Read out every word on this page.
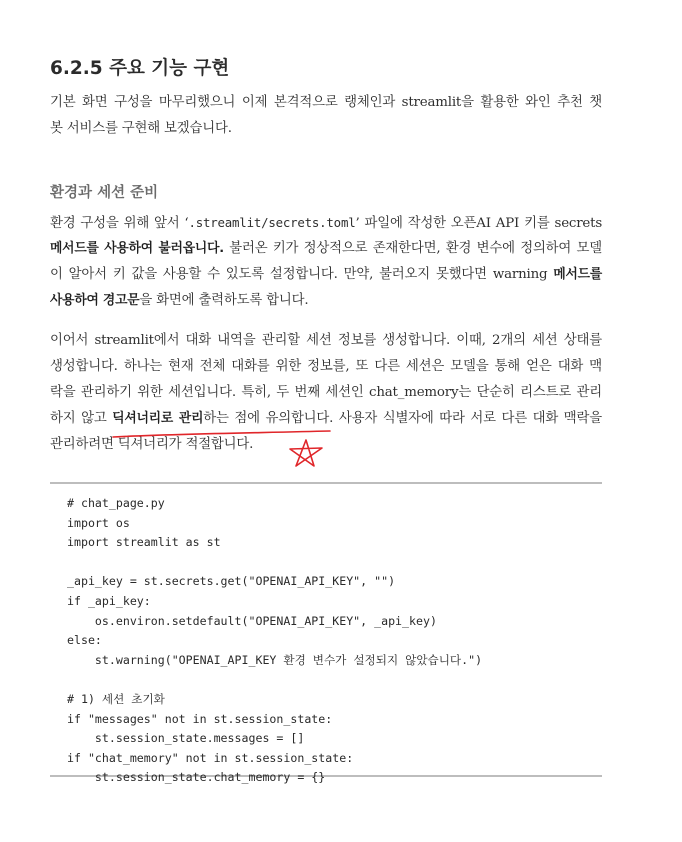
6.2.5 주요 기능 구현
기본 화면 구성을 마무리했으니 이제 본격적으로 랭체인과 streamlit을 활용한 와인 추천 챗
봇 서비스를 구현해 보겠습니다.
환경과 세션 준비
환경 구성을 위해 앞서 ‘.streamlit/secrets.toml’ 파일에 작성한 오픈AI API 키를 secrets
메서드를 사용하여 불러옵니다. 불러온 키가 정상적으로 존재한다면, 환경 변수에 정의하여 모델
이 알아서 키 값을 사용할 수 있도록 설정합니다. 만약, 불러오지 못했다면 warning 메서드를
사용하여 경고문을 화면에 출력하도록 합니다.
이어서 streamlit에서 대화 내역을 관리할 세션 정보를 생성합니다. 이때, 2개의 세션 상태를
생성합니다. 하나는 현재 전체 대화를 위한 정보를, 또 다른 세션은 모델을 통해 얻은 대화 맥
락을 관리하기 위한 세션입니다. 특히, 두 번째 세션인 chat_memory는 단순히 리스트로 관리
하지 않고 딕셔너리로 관리하는 점에 유의합니다. 사용자 식별자에 따라 서로 다른 대화 맥락을
관리하려면 딕셔너리가 적절합니다.
# chat_page.py
import os
import streamlit as st
_api_key = st.secrets.get("OPENAI_API_KEY", "")
if _api_key:
os.environ.setdefault("OPENAI_API_KEY", _api_key)
else:
st.warning("OPENAI_API_KEY 환경 변수가 설정되지 않았습니다.")
# 1) 세션 초기화
if "messages" not in st.session_state:
st.session_state.messages = []
if "chat_memory" not in st.session_state:
st.session_state.chat_memory = {}
